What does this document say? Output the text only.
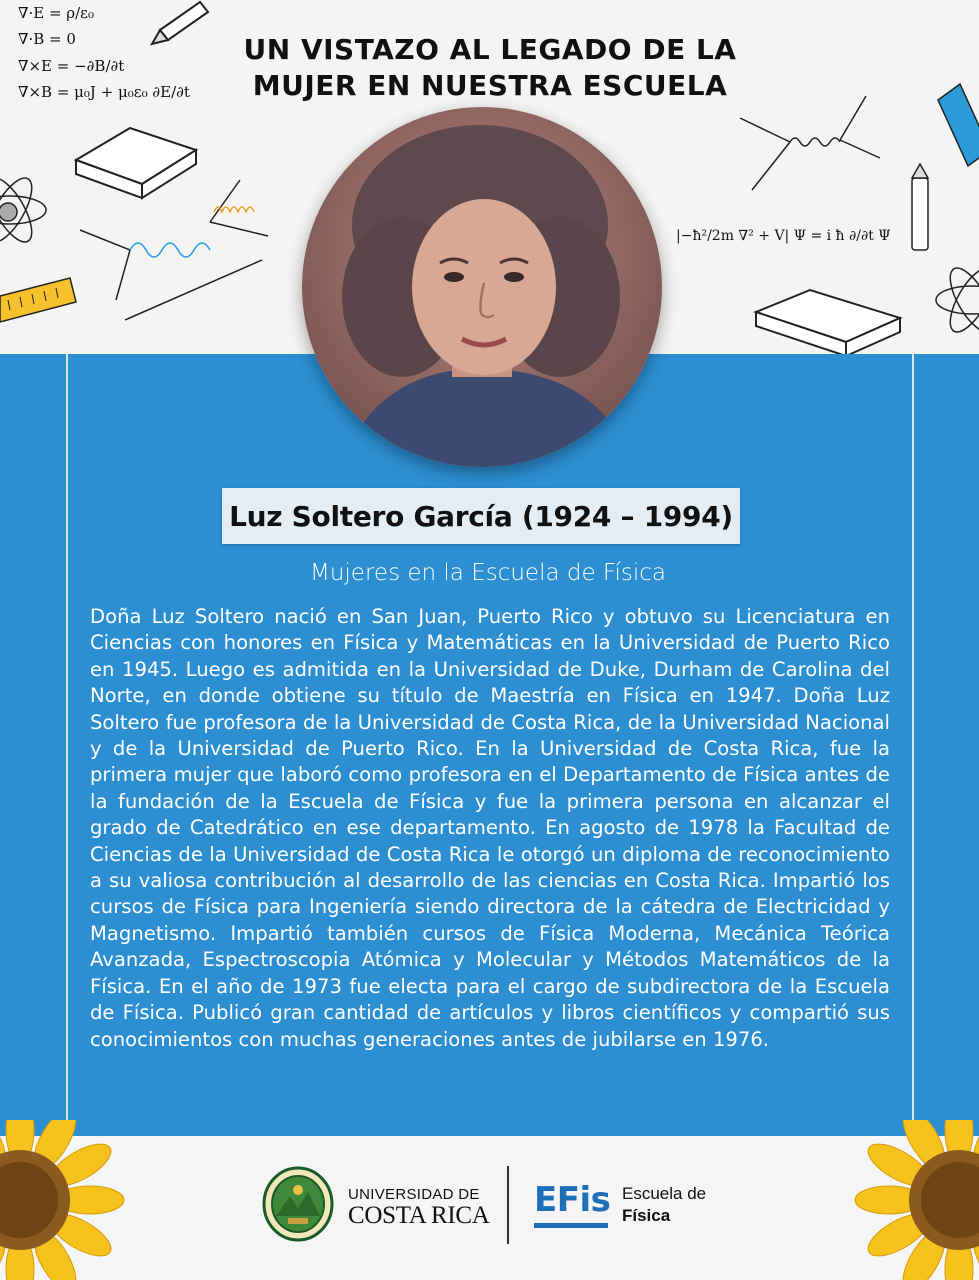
∇·E = ρ/ε₀
∇·B = 0
∇×E = −∂B/∂t
∇×B = μ₀J + μ₀ε₀ ∂E/∂t
|−ħ²/2m ∇² + V| Ψ = i ħ ∂/∂t Ψ
UN VISTAZO AL LEGADO DE LA
MUJER EN NUESTRA ESCUELA
Luz Soltero García (1924 – 1994)
Mujeres en la Escuela de Física

Doña Luz Soltero nació en San Juan, Puerto Rico y obtuvo su Licenciatura en Ciencias con honores en Física y Matemáticas en la Universidad de Puerto Rico en 1945. Luego es admitida en la Universidad de Duke, Durham de Carolina del Norte, en donde obtiene su título de Maestría en Física en 1947. Doña Luz Soltero fue profesora de la Universidad de Costa Rica, de la Universidad Nacional y de la Universidad de Puerto Rico. En la Universidad de Costa Rica, fue la primera mujer que laboró como profesora en el Departamento de Física antes de la fundación de la Escuela de Física y fue la primera persona en alcanzar el grado de Catedrático en ese departamento. En agosto de 1978 la Facultad de Ciencias de la Universidad de Costa Rica le otorgó un diploma de reconocimiento a su valiosa contribución al desarrollo de las ciencias en Costa Rica. Impartió los cursos de Física para Ingeniería siendo directora de la cátedra de Electricidad y Magnetismo. Impartió también cursos de Física Moderna, Mecánica Teórica Avanzada, Espectroscopia Atómica y Molecular y Métodos Matemáticos de la Física. En el año de 1973 fue electa para el cargo de subdirectora de la Escuela de Física. Publicó gran cantidad de artículos y libros científicos y compartió sus conocimientos con muchas generaciones antes de jubilarse en 1976.

UNIVERSIDAD DE
COSTA RICA EFis Escuela de
Física
